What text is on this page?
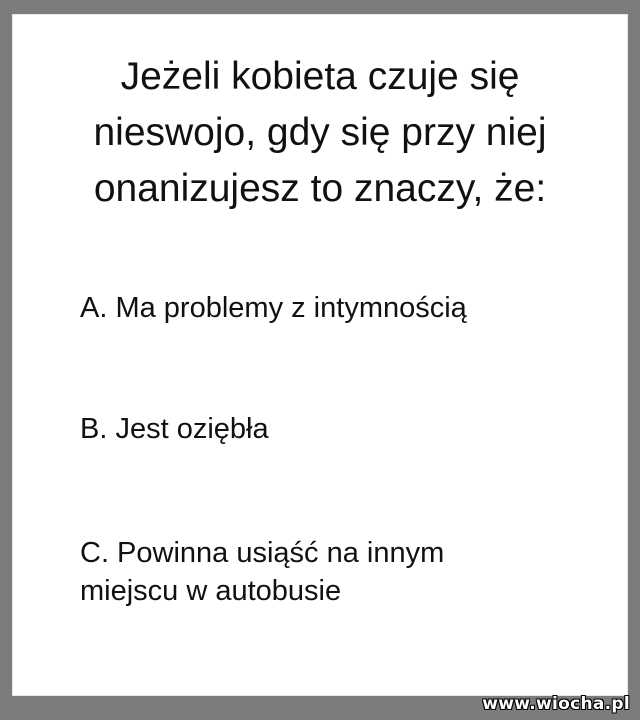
Jeżeli kobieta czuje się
nieswojo, gdy się przy niej
onanizujesz to znaczy, że:

A. Ma problemy z intymnością

B. Jest oziębła

C. Powinna usiąść na innym
miejscu w autobusie

www.wiocha.pl
